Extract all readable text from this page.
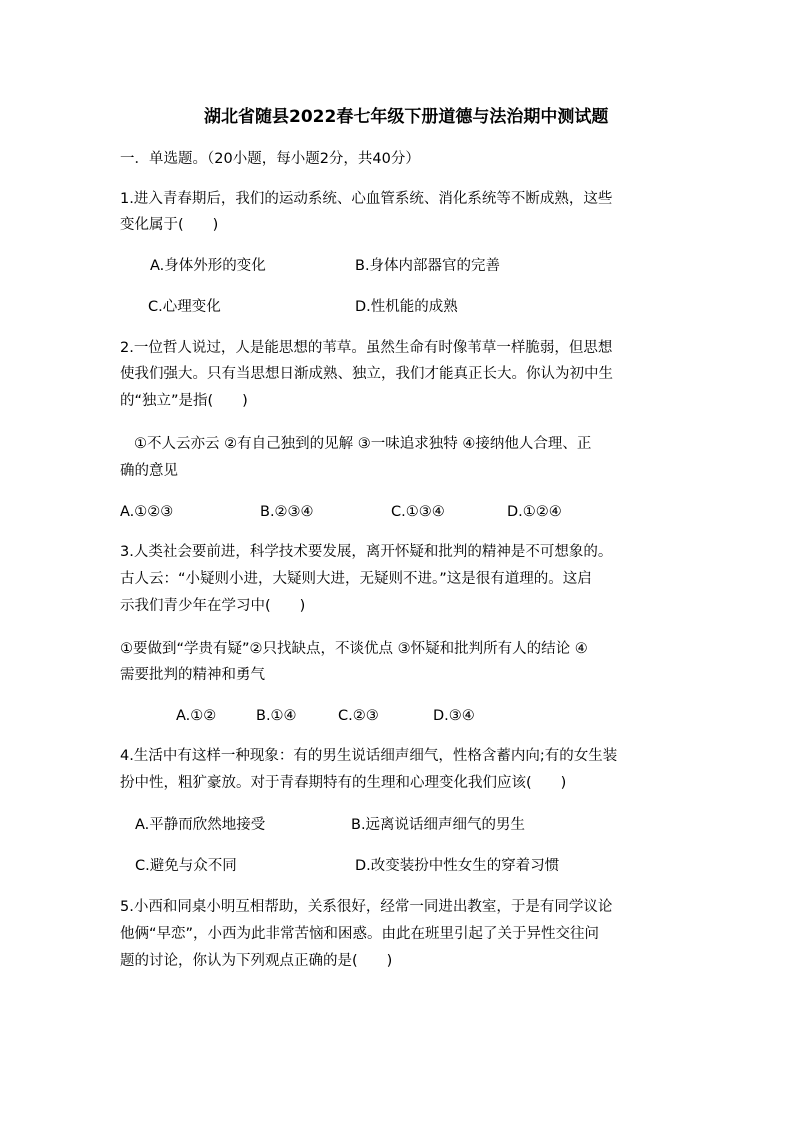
湖北省随县2022春七年级下册道德与法治期中测试题
一．单选题。（20小题，每小题2分，共40分）
1.进入青春期后，我们的运动系统、心血管系统、消化系统等不断成熟，这些
变化属于(　　)
A.身体外形的变化	B.身体内部器官的完善
C.心理变化	D.性机能的成熟
2.一位哲人说过，人是能思想的苇草。虽然生命有时像苇草一样脆弱，但思想
使我们强大。只有当思想日渐成熟、独立，我们才能真正长大。你认为初中生
的“独立”是指(　　)
①不人云亦云 ②有自己独到的见解 ③一味追求独特 ④接纳他人合理、正
确的意见
A.①②③	B.②③④	C.①③④	D.①②④
3.人类社会要前进，科学技术要发展，离开怀疑和批判的精神是不可想象的。
古人云：“小疑则小进，大疑则大进，无疑则不进。”这是很有道理的。这启
示我们青少年在学习中(　　)
①要做到“学贵有疑”②只找缺点，不谈优点 ③怀疑和批判所有人的结论 ④
需要批判的精神和勇气
A.①②	B.①④	C.②③	D.③④
4.生活中有这样一种现象：有的男生说话细声细气，性格含蓄内向;有的女生装
扮中性，粗犷豪放。对于青春期特有的生理和心理变化我们应该(　　)
A.平静而欣然地接受	B.远离说话细声细气的男生
C.避免与众不同	D.改变装扮中性女生的穿着习惯
5.小西和同桌小明互相帮助，关系很好，经常一同进出教室，于是有同学议论
他俩“早恋”，小西为此非常苦恼和困惑。由此在班里引起了关于异性交往问
题的讨论，你认为下列观点正确的是(　　)
